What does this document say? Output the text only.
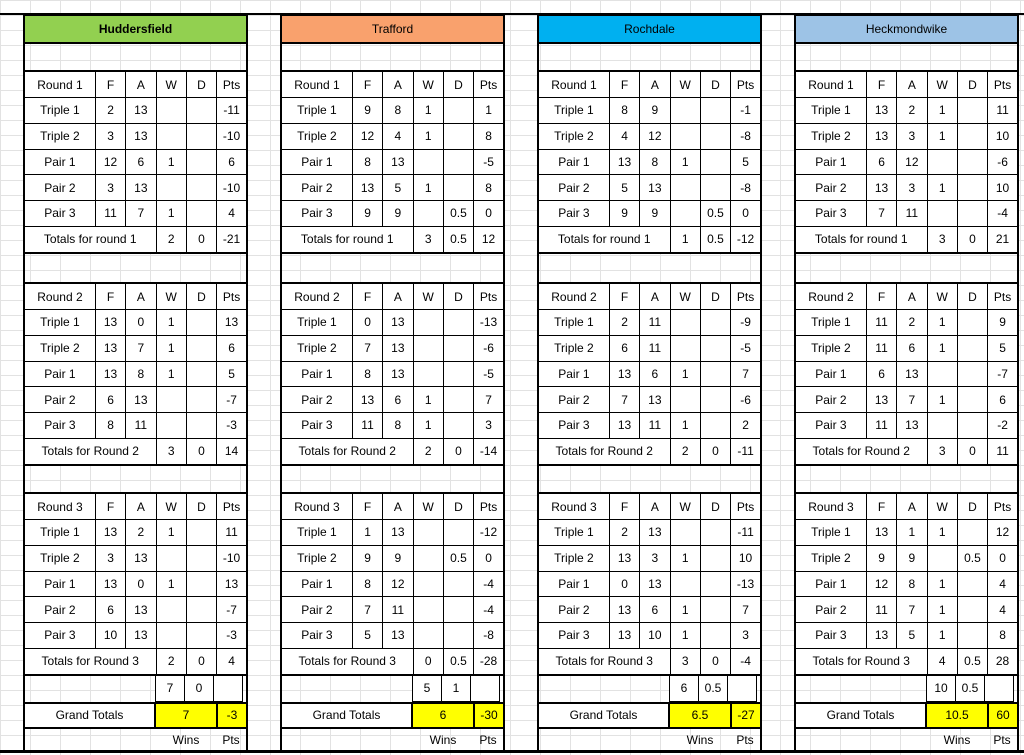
Huddersfield
Round 1	F	A	W	D	Pts
Triple 1	2	13			-11
Triple 2	3	13			-10
Pair 1	12	6	1		6
Pair 2	3	13			-10
Pair 3	11	7	1		4
Totals for round 1			2	0	-21
Round 2	F	A	W	D	Pts
Triple 1	13	0	1		13
Triple 2	13	7	1		6
Pair 1	13	8	1		5
Pair 2	6	13			-7
Pair 3	8	11			-3
Totals for Round 2			3	0	14
Round 3	F	A	W	D	Pts
Triple 1	13	2	1		11
Triple 2	3	13			-10
Pair 1	13	0	1		13
Pair 2	6	13			-7
Pair 3	10	13			-3
Totals for Round 3			2	0	4
7	0
Grand Totals	7	-3
Wins	Pts
Trafford
Round 1	F	A	W	D	Pts
Triple 1	9	8	1		1
Triple 2	12	4	1		8
Pair 1	8	13			-5
Pair 2	13	5	1		8
Pair 3	9	9		0.5	0
Totals for round 1			3	0.5	12
Round 2	F	A	W	D	Pts
Triple 1	0	13			-13
Triple 2	7	13			-6
Pair 1	8	13			-5
Pair 2	13	6	1		7
Pair 3	11	8	1		3
Totals for Round 2			2	0	-14
Round 3	F	A	W	D	Pts
Triple 1	1	13			-12
Triple 2	9	9		0.5	0
Pair 1	8	12			-4
Pair 2	7	11			-4
Pair 3	5	13			-8
Totals for Round 3			0	0.5	-28
5	1
Grand Totals	6	-30
Wins	Pts
Rochdale
Round 1	F	A	W	D	Pts
Triple 1	8	9			-1
Triple 2	4	12			-8
Pair 1	13	8	1		5
Pair 2	5	13			-8
Pair 3	9	9		0.5	0
Totals for round 1			1	0.5	-12
Round 2	F	A	W	D	Pts
Triple 1	2	11			-9
Triple 2	6	11			-5
Pair 1	13	6	1		7
Pair 2	7	13			-6
Pair 3	13	11	1		2
Totals for Round 2			2	0	-11
Round 3	F	A	W	D	Pts
Triple 1	2	13			-11
Triple 2	13	3	1		10
Pair 1	0	13			-13
Pair 2	13	6	1		7
Pair 3	13	10	1		3
Totals for Round 3			3	0	-4
6	0.5
Grand Totals	6.5	-27
Wins	Pts
Heckmondwike
Round 1	F	A	W	D	Pts
Triple 1	13	2	1		11
Triple 2	13	3	1		10
Pair 1	6	12			-6
Pair 2	13	3	1		10
Pair 3	7	11			-4
Totals for round 1			3	0	21
Round 2	F	A	W	D	Pts
Triple 1	11	2	1		9
Triple 2	11	6	1		5
Pair 1	6	13			-7
Pair 2	13	7	1		6
Pair 3	11	13			-2
Totals for Round 2			3	0	11
Round 3	F	A	W	D	Pts
Triple 1	13	1	1		12
Triple 2	9	9		0.5	0
Pair 1	12	8	1		4
Pair 2	11	7	1		4
Pair 3	13	5	1		8
Totals for Round 3			4	0.5	28
10	0.5
Grand Totals	10.5	60
Wins	Pts
